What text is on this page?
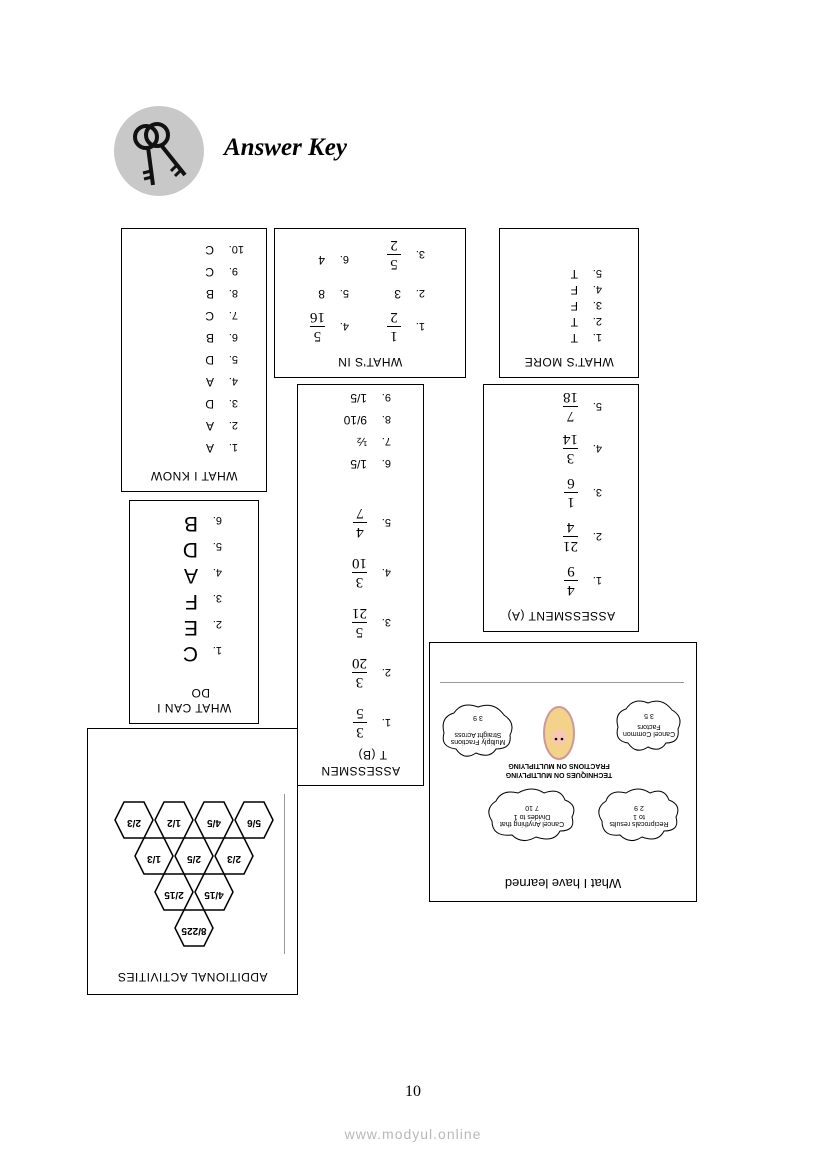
Answer Key
WHAT I KNOW
1.A
2.A
3.D
4.A
5.D
6.B
7.C
8.B
9.C
10.C
WHAT'S IN
1.
1
2
2.3
3.
5
2
4.
5
16
5.8
6.4
WHAT'S MORE
1.T
2.T
3.F
4.F
5.T
ASSESSMEN
T (B)
1.
3
5
2.
3
20
3.
5
21
4.
3
10
5.
4
7
6.1/5
7.½
8.9/10
9.1/5
ASSESSMENT (A)
1.
4
9
2.
21
4
3.
1
6
4.
3
14
5.
7
18
WHAT CAN I
DO
1.C
2.E
3.F
4.A
5.D
6.B
What I have learned
Reciprocals results to 1
2 9
Cancel Anything that Divides to 1
7 10
TECHNIQUES ON MULTIPLYING
FRACTIONS ON MULTIPLYING
Cancel Common Factors
3 5
Multiply Fractions Straight Across
3 9
ADDITIONAL ACTIVITIES
8/225
4/15
2/15
2/3
2/5
1/3
5/6
4/5
1/2
2/3
10
www.modyul.online
